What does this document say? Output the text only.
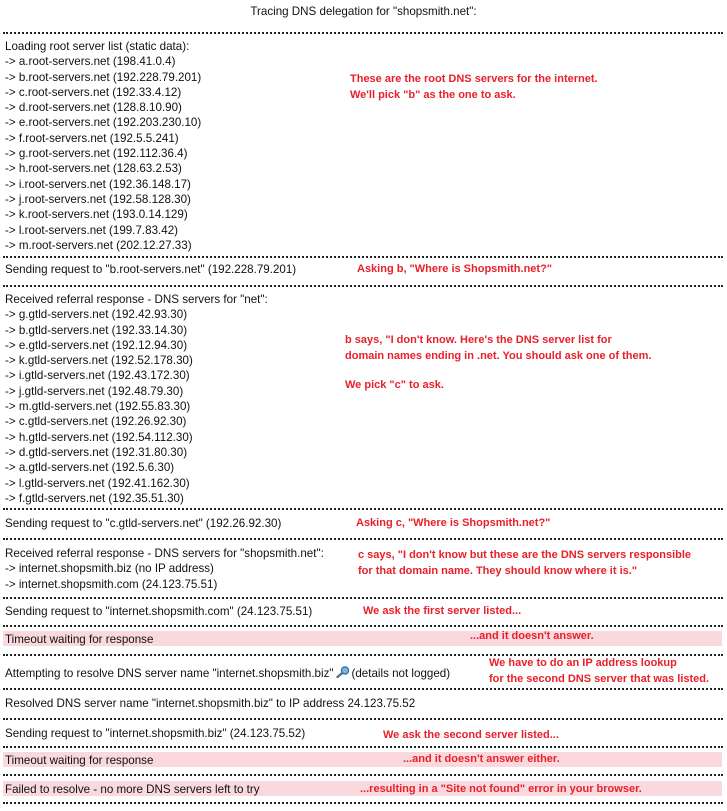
Tracing DNS delegation for "shopsmith.net":
Loading root server list (static data):
-> a.root-servers.net (198.41.0.4)
-> b.root-servers.net (192.228.79.201)
-> c.root-servers.net (192.33.4.12)
-> d.root-servers.net (128.8.10.90)
-> e.root-servers.net (192.203.230.10)
-> f.root-servers.net (192.5.5.241)
-> g.root-servers.net (192.112.36.4)
-> h.root-servers.net (128.63.2.53)
-> i.root-servers.net (192.36.148.17)
-> j.root-servers.net (192.58.128.30)
-> k.root-servers.net (193.0.14.129)
-> l.root-servers.net (199.7.83.42)
-> m.root-servers.net (202.12.27.33)
These are the root DNS servers for the internet.
We'll pick "b" as the one to ask.
Sending request to "b.root-servers.net" (192.228.79.201)	Asking b, "Where is Shopsmith.net?"
Received referral response - DNS servers for "net":
-> g.gtld-servers.net (192.42.93.30)
-> b.gtld-servers.net (192.33.14.30)
-> e.gtld-servers.net (192.12.94.30)
-> k.gtld-servers.net (192.52.178.30)
-> i.gtld-servers.net (192.43.172.30)
-> j.gtld-servers.net (192.48.79.30)
-> m.gtld-servers.net (192.55.83.30)
-> c.gtld-servers.net (192.26.92.30)
-> h.gtld-servers.net (192.54.112.30)
-> d.gtld-servers.net (192.31.80.30)
-> a.gtld-servers.net (192.5.6.30)
-> l.gtld-servers.net (192.41.162.30)
-> f.gtld-servers.net (192.35.51.30)
b says, "I don't know. Here's the DNS server list for
domain names ending in .net. You should ask one of them.
We pick "c" to ask.
Sending request to "c.gtld-servers.net" (192.26.92.30)	Asking c, "Where is Shopsmith.net?"
Received referral response - DNS servers for "shopsmith.net":
-> internet.shopsmith.biz (no IP address)
-> internet.shopsmith.com (24.123.75.51)
c says, "I don't know but these are the DNS servers responsible
for that domain name. They should know where it is."
Sending request to "internet.shopsmith.com" (24.123.75.51)	We ask the first server listed...
Timeout waiting for response	...and it doesn't answer.
Attempting to resolve DNS server name "internet.shopsmith.biz" (details not logged)
We have to do an IP address lookup
for the second DNS server that was listed.
Resolved DNS server name "internet.shopsmith.biz" to IP address 24.123.75.52
Sending request to "internet.shopsmith.biz" (24.123.75.52)	We ask the second server listed...
Timeout waiting for response	...and it doesn't answer either.
Failed to resolve - no more DNS servers left to try	...resulting in a "Site not found" error in your browser.
